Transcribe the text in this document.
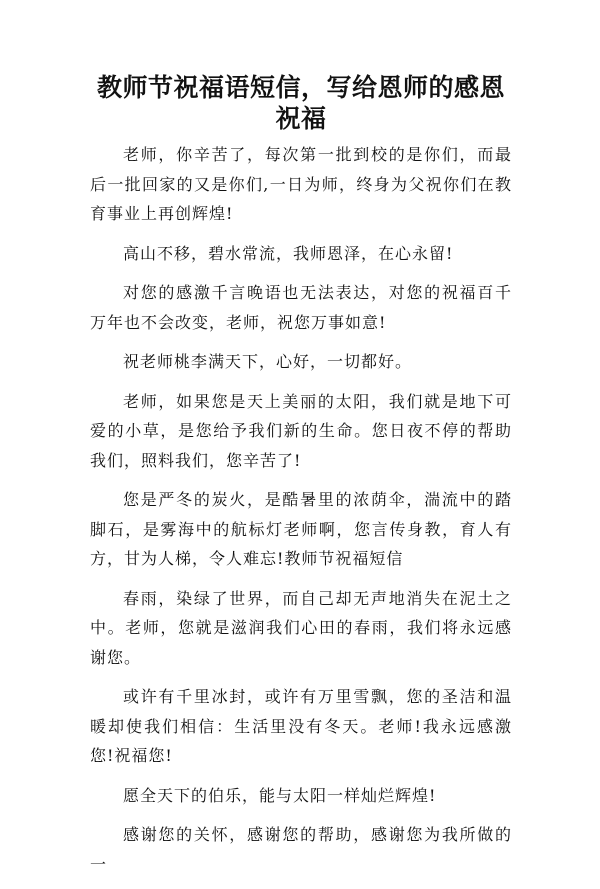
教师节祝福语短信，写给恩师的感恩祝福

老师，你辛苦了，每次第一批到校的是你们，而最后一批回家的又是你们,一日为师，终身为父祝你们在教育事业上再创辉煌!

高山不移，碧水常流，我师恩泽，在心永留!

对您的感激千言晚语也无法表达，对您的祝福百千万年也不会改变，老师，祝您万事如意!

祝老师桃李满天下，心好，一切都好。

老师，如果您是天上美丽的太阳，我们就是地下可爱的小草，是您给予我们新的生命。您日夜不停的帮助我们，照料我们，您辛苦了!

您是严冬的炭火，是酷暑里的浓荫伞，湍流中的踏脚石，是雾海中的航标灯老师啊，您言传身教，育人有方，甘为人梯，令人难忘!教师节祝福短信

春雨，染绿了世界，而自己却无声地消失在泥土之中。老师，您就是滋润我们心田的春雨，我们将永远感谢您。

或许有千里冰封，或许有万里雪飘，您的圣洁和温暖却使我们相信：生活里没有冬天。老师!我永远感激您!祝福您!

愿全天下的伯乐，能与太阳一样灿烂辉煌!

感谢您的关怀，感谢您的帮助，感谢您为我所做的一
